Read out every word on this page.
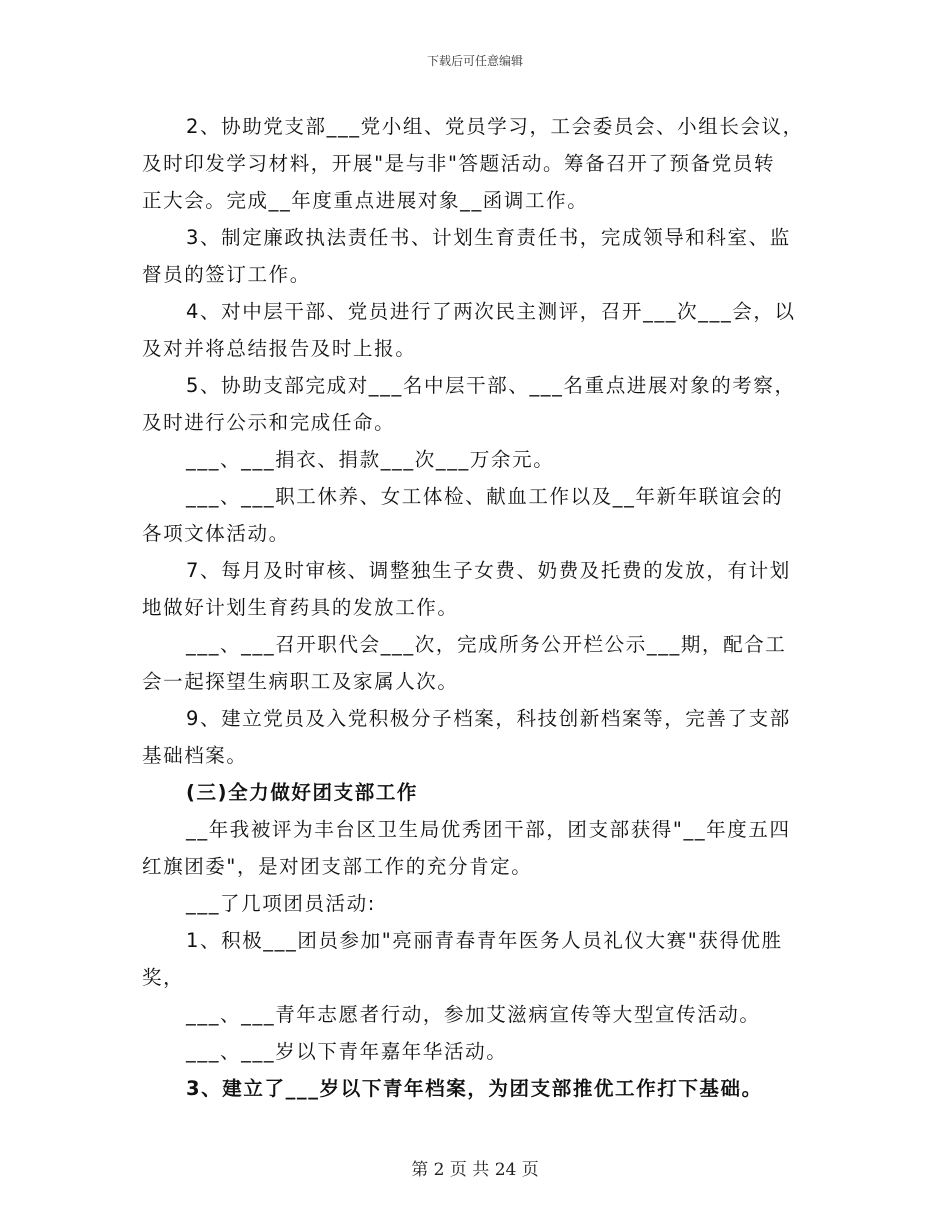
下载后可任意编辑
2、协助党支部___党小组、党员学习，工会委员会、小组长会议，
及时印发学习材料，开展"是与非"答题活动。筹备召开了预备党员转
正大会。完成__年度重点进展对象__函调工作。
3、制定廉政执法责任书、计划生育责任书，完成领导和科室、监
督员的签订工作。
4、对中层干部、党员进行了两次民主测评，召开___次___会，以
及对并将总结报告及时上报。
5、协助支部完成对___名中层干部、___名重点进展对象的考察，
及时进行公示和完成任命。
___、___捐衣、捐款___次___万余元。
___、___职工休养、女工体检、献血工作以及__年新年联谊会的
各项文体活动。
7、每月及时审核、调整独生子女费、奶费及托费的发放，有计划
地做好计划生育药具的发放工作。
___、___召开职代会___次，完成所务公开栏公示___期，配合工
会一起探望生病职工及家属人次。
9、建立党员及入党积极分子档案，科技创新档案等，完善了支部
基础档案。
(三)全力做好团支部工作
__年我被评为丰台区卫生局优秀团干部，团支部获得"__年度五四
红旗团委"，是对团支部工作的充分肯定。
___了几项团员活动:
1、积极___团员参加"亮丽青春青年医务人员礼仪大赛"获得优胜
奖，
___、___青年志愿者行动，参加艾滋病宣传等大型宣传活动。
___、___岁以下青年嘉年华活动。
3、建立了___岁以下青年档案，为团支部推优工作打下基础。
第 2 页 共 24 页
